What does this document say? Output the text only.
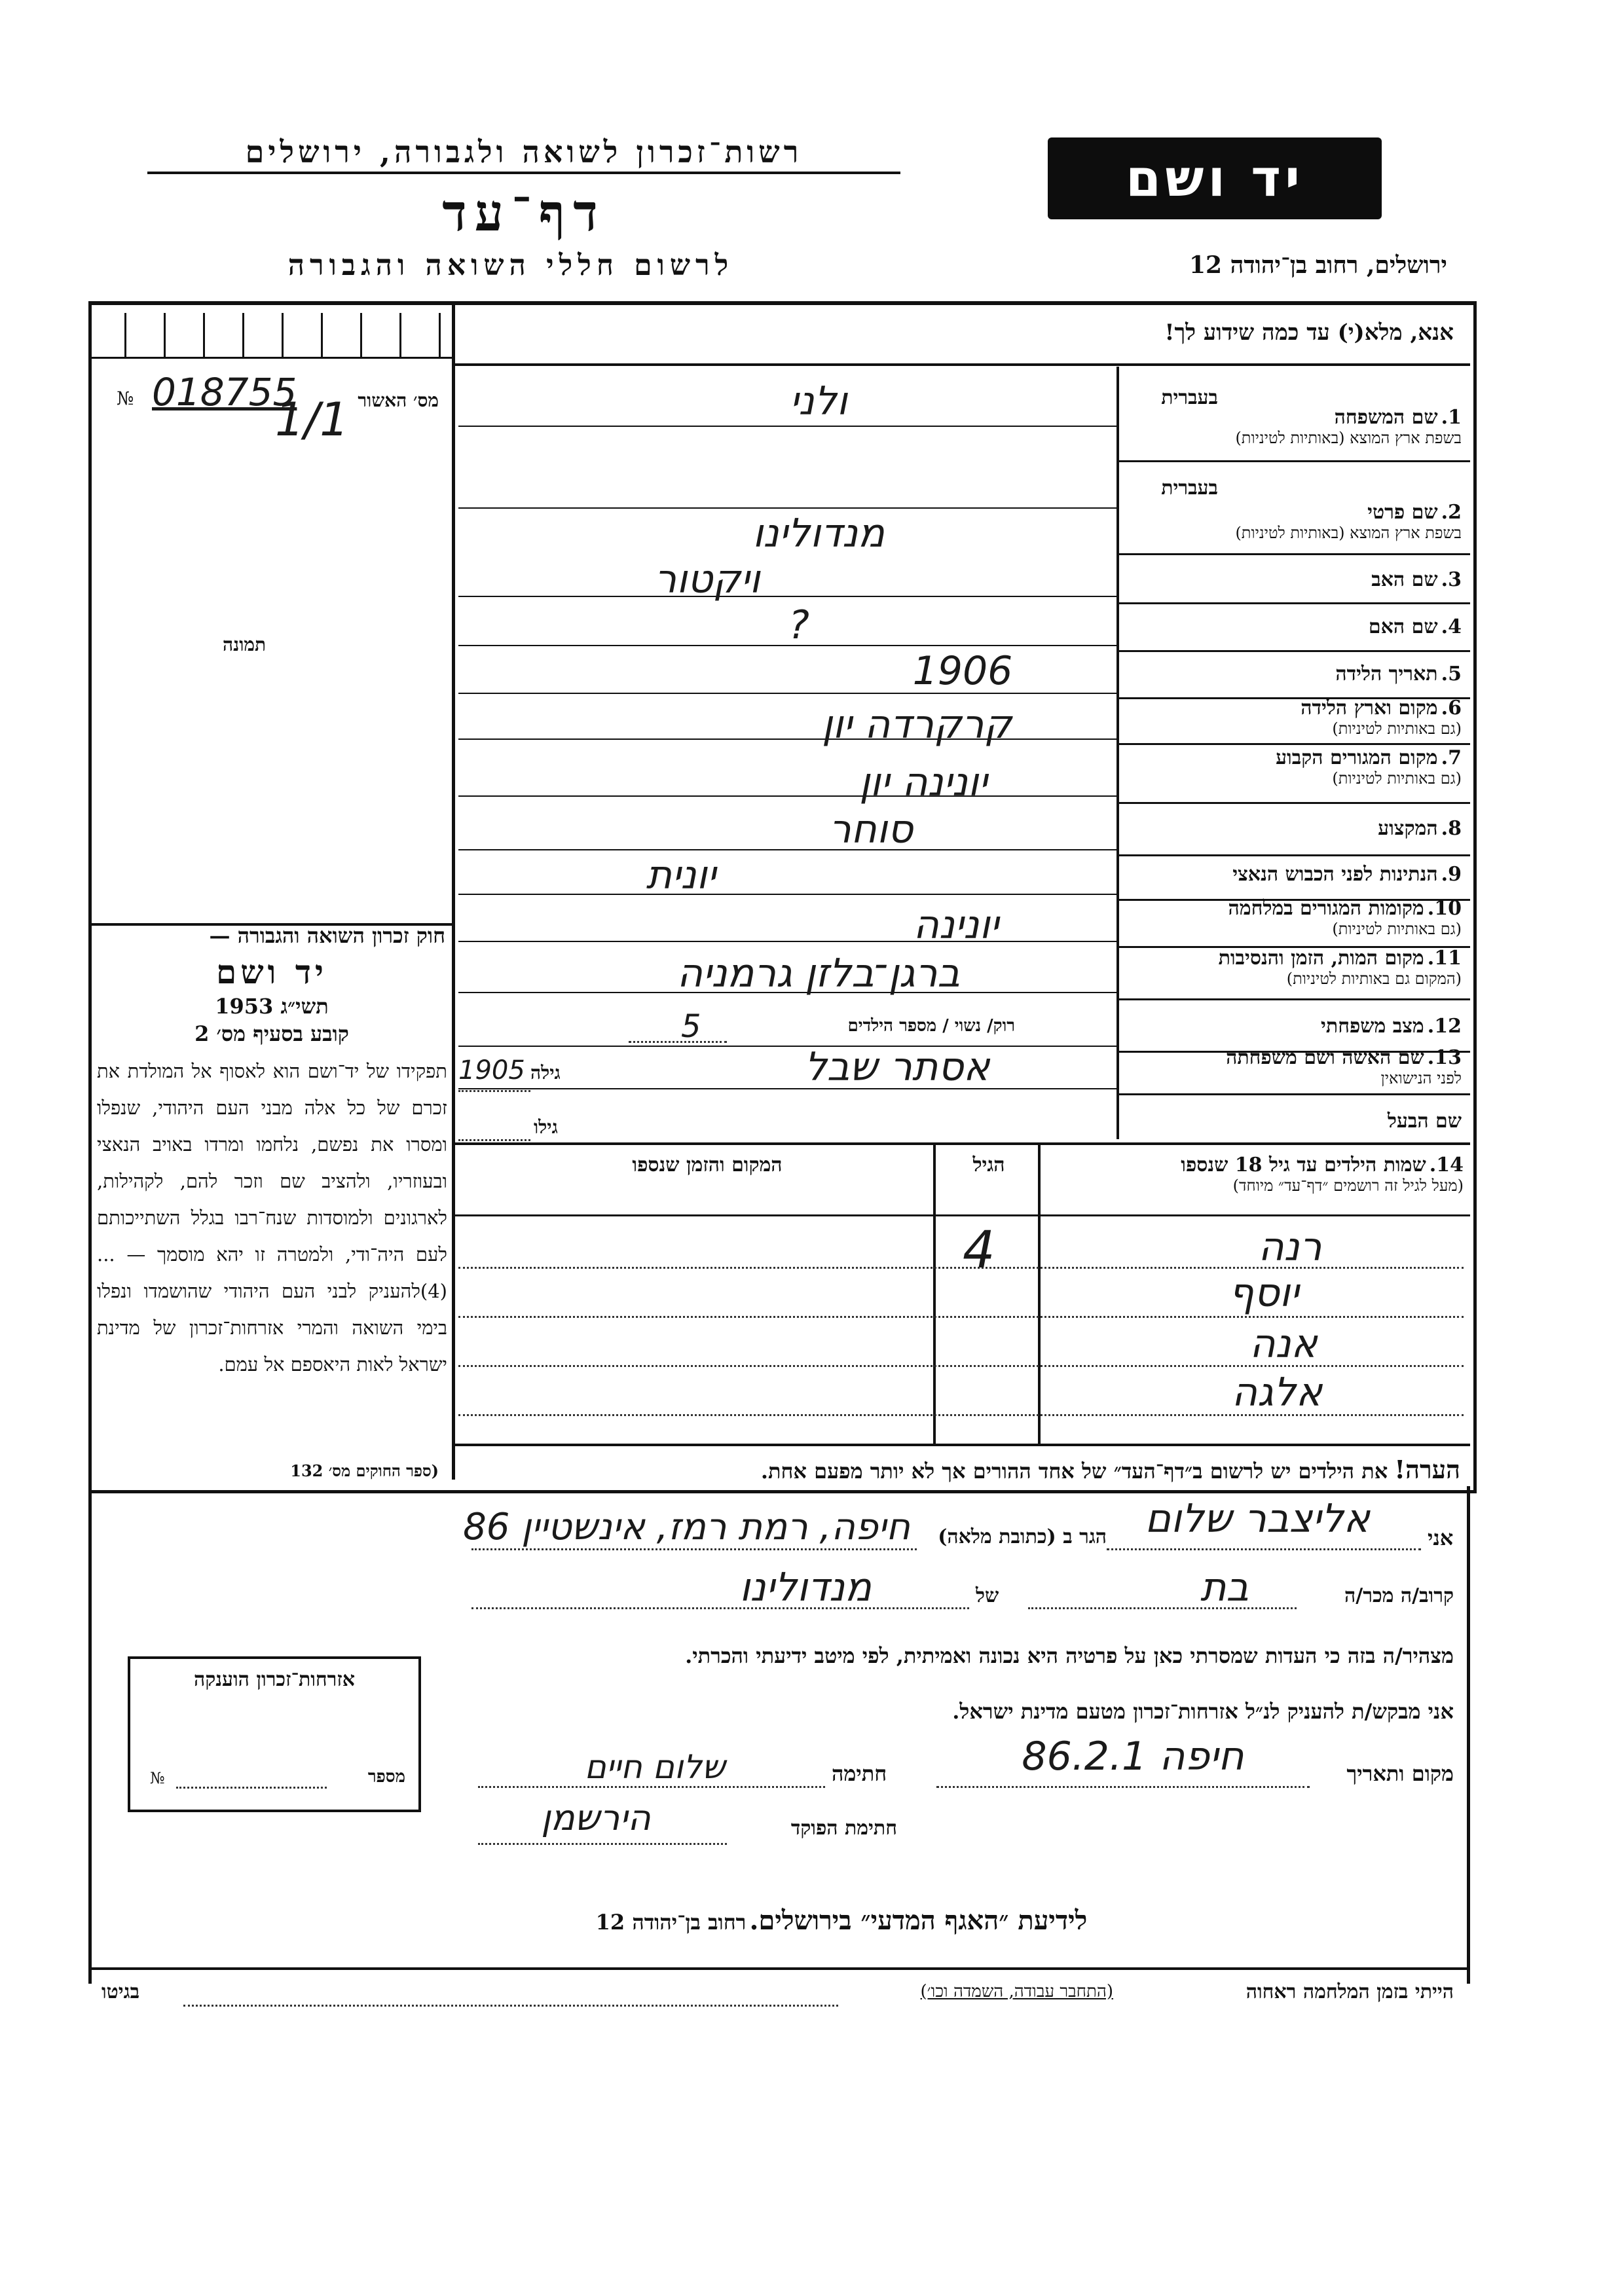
רשות־זכרון לשואה ולגבורה, ירושלים
דף־עד
לרשום חללי השואה והגבורה	ירושלים, רחוב בן־יהודה 12
יד ושם
אנא, מלא(י) עד כמה שידוע לך!
№ 018755
1/1 מס׳ האשור
תמונה
חוק זכרון השואה והגבורה —
יד ושם
תשי״ג 1953
קובע בסעיף מס׳ 2
תפקידו של יד־ושם הוא לאסוף אל המולדת את זכרם של כל אלה מבני העם היהודי, שנפלו ומסרו את נפשם, נלחמו ומרדו באויב הנאצי ובעוזריו, ולהציב שם וזכר להם, לקהילות, לארגונים ולמוסדות שנח־רבו בגלל השתייכותם לעם היה־ודי, ולמטרה זו יהא מוסמך — ...(4)להעניק לבני העם היהודי שהושמדו ונפלו בימי השואה והמרי אזרחות־זכרון של מדינת ישראל לאות היאספם אל עמם.
(ספר החוקים מס׳ 132
בעברית
בעברית
1. שם המשפחה
בשפת ארץ המוצא (באותיות לטיניות)
2. שם פרטי
בשפת ארץ המוצא (באותיות לטיניות)
3. שם האב
4. שם האם
5. תאריך הלידה
6. מקום וארץ הלידה
(גם באותיות לטיניות)
7. מקום המגורים הקבוע
(גם באותיות לטיניות)
8. המקצוע
9. הנתינות לפני הכבוש הנאצי
10. מקומות המגורים במלחמה
(גם באותיות לטיניות)
11. מקום המות, הזמן והנסיבות
(המקום גם באותיות לטיניות)
12. מצב משפחתי
13. שם האשה ושם משפחתה
לפני הנישואין
שם הבעל
ולני
מנדולינו
ויקטור
?
1906
קרקרדה יון
יונינה יון
סוחר
יונית
יונינה
ברגן־בלזן גרמניה
רוק/ נשוי / מספר הילדים
5
אסתר שבל
גילה
1905
גילו
14. שמות הילדים עד גיל 18 שנספו
(מעל לגיל זה רושמים ״דף־עד״ מיוחד)
הגיל
המקום והזמן שנספו
רנה
יוסף
אנה
אלגה
4
הערה! את הילדים יש לרשום ב״דף־העד״ של אחד ההורים אך לא יותר מפעם אחת.
אני
אליצבר שלום
הגר ב (כתובת מלאה)
חיפה, רמת רמז, אינשטיין 86
קרוב/ה מכר/ה
בת
של
מנדולינו
מצהיר/ה בזה כי העדות שמסרתי כאן על פרטיה היא נכונה ואמיתית, לפי מיטב ידיעתי והכרתי.
אני מבקש/ת להעניק לנ״ל אזרחות־זכרון מטעם מדינת ישראל.
מקום ותאריך
חיפה 86.2.1
חתימה
שלום חיים
חתימת הפוקד
הירשמן
אזרחות־זכרון הוענקה
מספר
№
לידיעת ״האגף המדעי״ בירושלים. רחוב בן־יהודה 12
הייתי בזמן המלחמה ראחוה
(התחבר עבודה, השמדה וכו׳)
בגיטו
